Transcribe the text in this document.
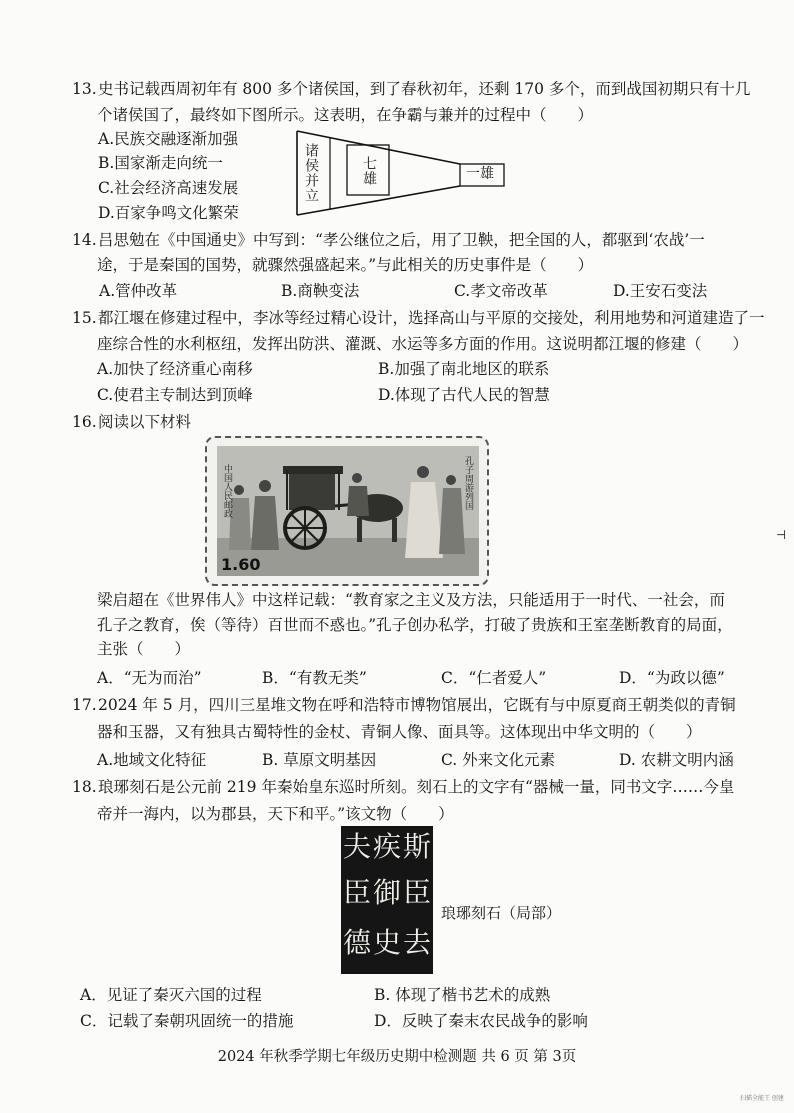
13.史书记载西周初年有 800 多个诸侯国，到了春秋初年，还剩 170 多个，而到战国初期只有十几
个诸侯国了，最终如下图所示。这表明，在争霸与兼并的过程中（　　）
A.民族交融逐渐加强
B.国家渐走向统一
C.社会经济高速发展
D.百家争鸣文化繁荣
诸侯并立	七雄	一雄
14.吕思勉在《中国通史》中写到：“孝公继位之后，用了卫鞅，把全国的人，都驱到‘农战’一
途，于是秦国的国势，就骤然强盛起来。”与此相关的历史事件是（　　）
A.管仲改革	B.商鞅变法	C.孝文帝改革	D.王安石变法
15.都江堰在修建过程中，李冰等经过精心设计，选择高山与平原的交接处，利用地势和河道建造了一
座综合性的水利枢纽，发挥出防洪、灌溉、水运等多方面的作用。这说明都江堰的修建（　　）
A.加快了经济重心南移	B.加强了南北地区的联系
C.使君主专制达到顶峰	D.体现了古代人民的智慧
16.阅读以下材料
中国人民邮政	孔子周游列国
1.60
梁启超在《世界伟人》中这样记载：“教育家之主义及方法，只能适用于一时代、一社会，而
孔子之教育，俟（等待）百世而不惑也。”孔子创办私学，打破了贵族和王室垄断教育的局面，
主张（　　）
A．“无为而治”	B．“有教无类”	C．“仁者爱人”	D．“为政以德”
17.2024 年 5 月，四川三星堆文物在呼和浩特市博物馆展出，它既有与中原夏商王朝类似的青铜
器和玉器，又有独具古蜀特性的金杖、青铜人像、面具等。这体现出中华文明的（　　）
A.地域文化特征	B. 草原文明基因	C. 外来文化元素	D. 农耕文明内涵
18.琅琊刻石是公元前 219 年秦始皇东巡时所刻。刻石上的文字有“器械一量，同书文字……今皇
帝并一海内，以为郡县，天下和平。”该文物（　　）
夫 疾 斯
臣 御 臣
德 史 去
琅琊刻石（局部）
A．见证了秦灭六国的过程	B. 体现了楷书艺术的成熟
C．记载了秦朝巩固统一的措施	D．反映了秦末农民战争的影响
2024 年秋季学期七年级历史期中检测题 共 6 页 第 3页
⊣
扫描全能王 创建
